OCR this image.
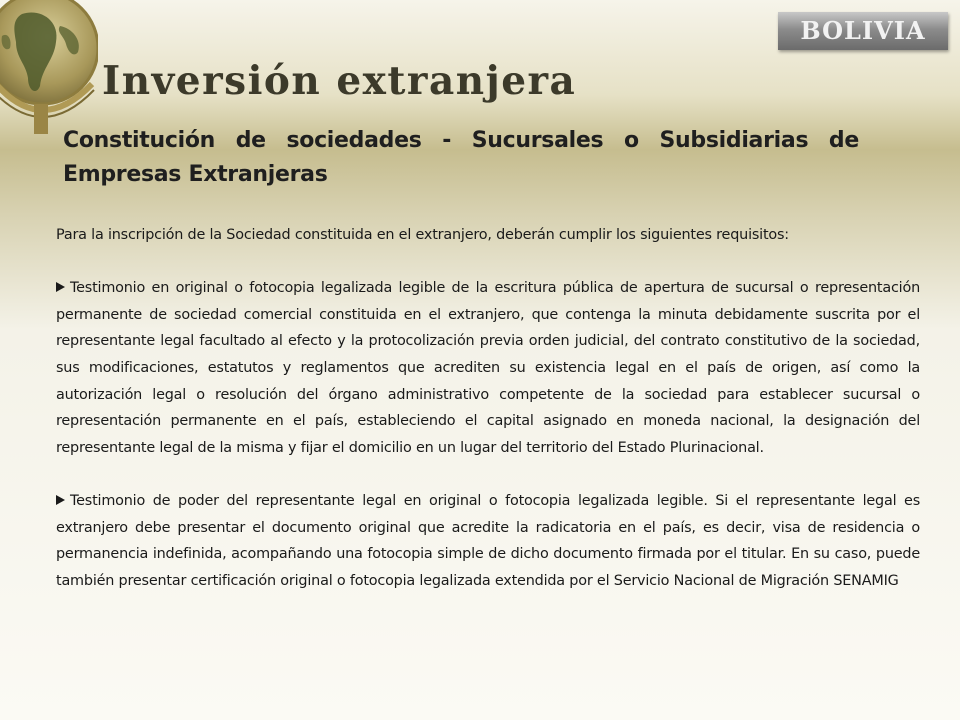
BOLIVIA
Inversión extranjera
Constitución de sociedades - Sucursales o Subsidiarias de Empresas Extranjeras

Para la inscripción de la Sociedad constituida en el extranjero, deberán cumplir los siguientes requisitos:

Testimonio en original o fotocopia legalizada legible de la escritura pública de apertura de sucursal o representación permanente de sociedad comercial constituida en el extranjero, que contenga la minuta debidamente suscrita por el representante legal facultado al efecto y la protocolización previa orden judicial, del contrato constitutivo de la sociedad, sus modificaciones, estatutos y reglamentos que acrediten su existencia legal en el país de origen, así como la autorización legal o resolución del órgano administrativo competente de la sociedad para establecer sucursal o representación permanente en el país, estableciendo el capital asignado en moneda nacional, la designación del representante legal de la misma y fijar el domicilio en un lugar del territorio del Estado Plurinacional.

Testimonio de poder del representante legal en original o fotocopia legalizada legible. Si el representante legal es extranjero debe presentar el documento original que acredite la radicatoria en el país, es decir, visa de residencia o permanencia indefinida, acompañando una fotocopia simple de dicho documento firmada por el titular. En su caso, puede también presentar certificación original o fotocopia legalizada extendida por el Servicio Nacional de Migración SENAMIG
